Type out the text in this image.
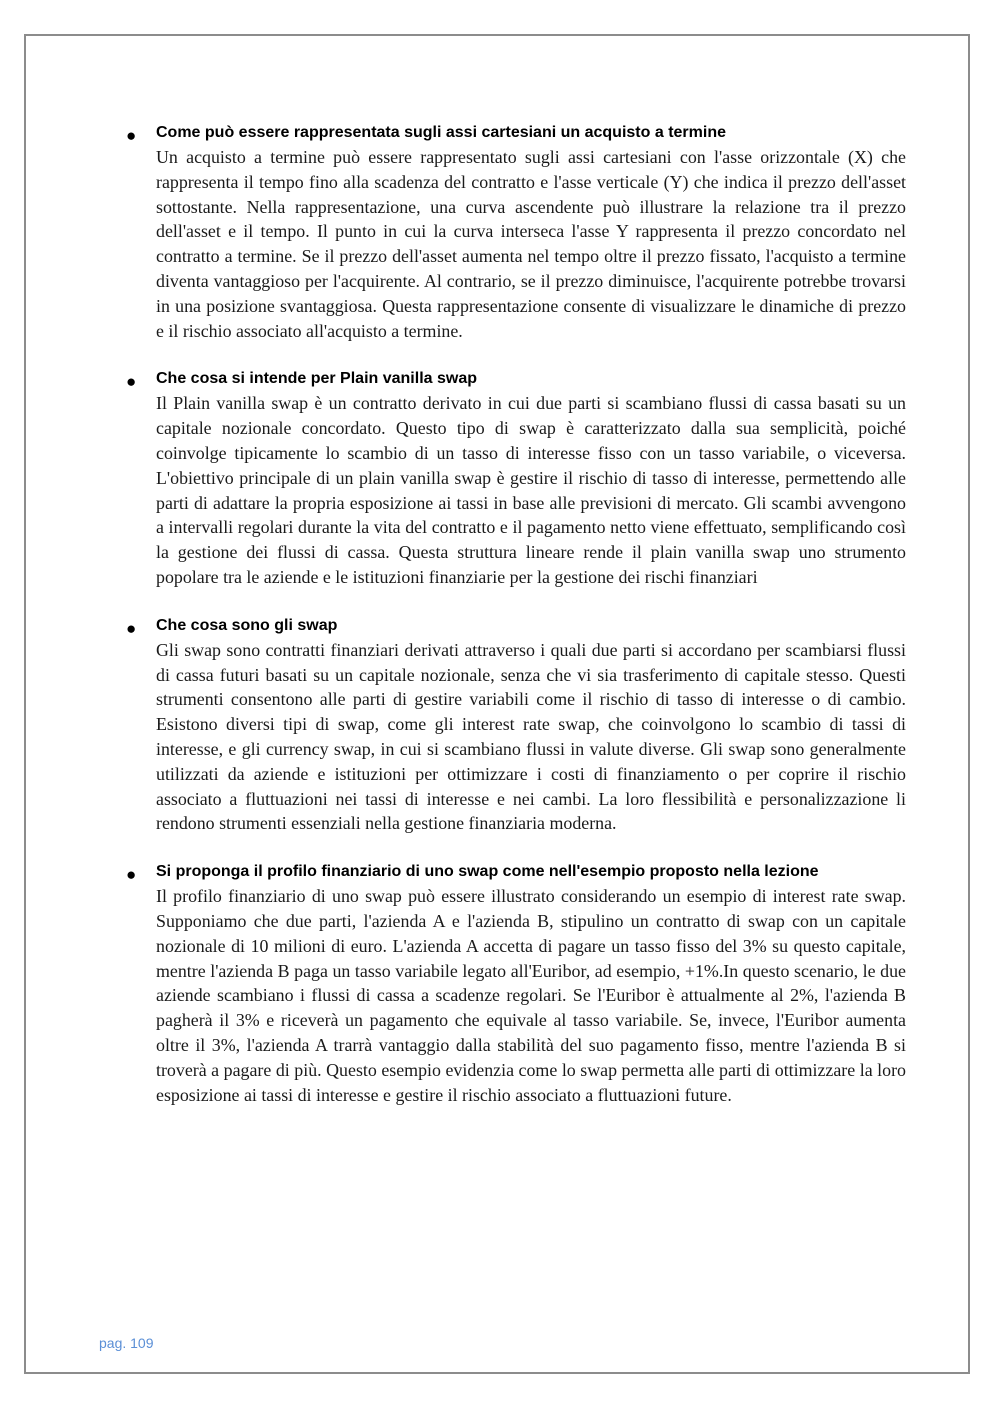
● Come può essere rappresentata sugli assi cartesiani un acquisto a termine

Un acquisto a termine può essere rappresentato sugli assi cartesiani con l'asse orizzontale (X) che rappresenta il tempo fino alla scadenza del contratto e l'asse verticale (Y) che indica il prezzo dell'asset sottostante. Nella rappresentazione, una curva ascendente può illustrare la relazione tra il prezzo dell'asset e il tempo. Il punto in cui la curva interseca l'asse Y rappresenta il prezzo concordato nel contratto a termine. Se il prezzo dell'asset aumenta nel tempo oltre il prezzo fissato, l'acquisto a termine diventa vantaggioso per l'acquirente. Al contrario, se il prezzo diminuisce, l'acquirente potrebbe trovarsi in una posizione svantaggiosa. Questa rappresentazione consente di visualizzare le dinamiche di prezzo e il rischio associato all'acquisto a termine.

● Che cosa si intende per Plain vanilla swap

Il Plain vanilla swap è un contratto derivato in cui due parti si scambiano flussi di cassa basati su un capitale nozionale concordato. Questo tipo di swap è caratterizzato dalla sua semplicità, poiché coinvolge tipicamente lo scambio di un tasso di interesse fisso con un tasso variabile, o viceversa. L'obiettivo principale di un plain vanilla swap è gestire il rischio di tasso di interesse, permettendo alle parti di adattare la propria esposizione ai tassi in base alle previsioni di mercato. Gli scambi avvengono a intervalli regolari durante la vita del contratto e il pagamento netto viene effettuato, semplificando così la gestione dei flussi di cassa. Questa struttura lineare rende il plain vanilla swap uno strumento popolare tra le aziende e le istituzioni finanziarie per la gestione dei rischi finanziari

● Che cosa sono gli swap

Gli swap sono contratti finanziari derivati attraverso i quali due parti si accordano per scambiarsi flussi di cassa futuri basati su un capitale nozionale, senza che vi sia trasferimento di capitale stesso. Questi strumenti consentono alle parti di gestire variabili come il rischio di tasso di interesse o di cambio. Esistono diversi tipi di swap, come gli interest rate swap, che coinvolgono lo scambio di tassi di interesse, e gli currency swap, in cui si scambiano flussi in valute diverse. Gli swap sono generalmente utilizzati da aziende e istituzioni per ottimizzare i costi di finanziamento o per coprire il rischio associato a fluttuazioni nei tassi di interesse e nei cambi. La loro flessibilità e personalizzazione li rendono strumenti essenziali nella gestione finanziaria moderna.

● Si proponga il profilo finanziario di uno swap come nell'esempio proposto nella lezione

Il profilo finanziario di uno swap può essere illustrato considerando un esempio di interest rate swap. Supponiamo che due parti, l'azienda A e l'azienda B, stipulino un contratto di swap con un capitale nozionale di 10 milioni di euro. L'azienda A accetta di pagare un tasso fisso del 3% su questo capitale, mentre l'azienda B paga un tasso variabile legato all'Euribor, ad esempio, +1%.In questo scenario, le due aziende scambiano i flussi di cassa a scadenze regolari. Se l'Euribor è attualmente al 2%, l'azienda B pagherà il 3% e riceverà un pagamento che equivale al tasso variabile. Se, invece, l'Euribor aumenta oltre il 3%, l'azienda A trarrà vantaggio dalla stabilità del suo pagamento fisso, mentre l'azienda B si troverà a pagare di più. Questo esempio evidenzia come lo swap permetta alle parti di ottimizzare la loro esposizione ai tassi di interesse e gestire il rischio associato a fluttuazioni future.

pag. 109
